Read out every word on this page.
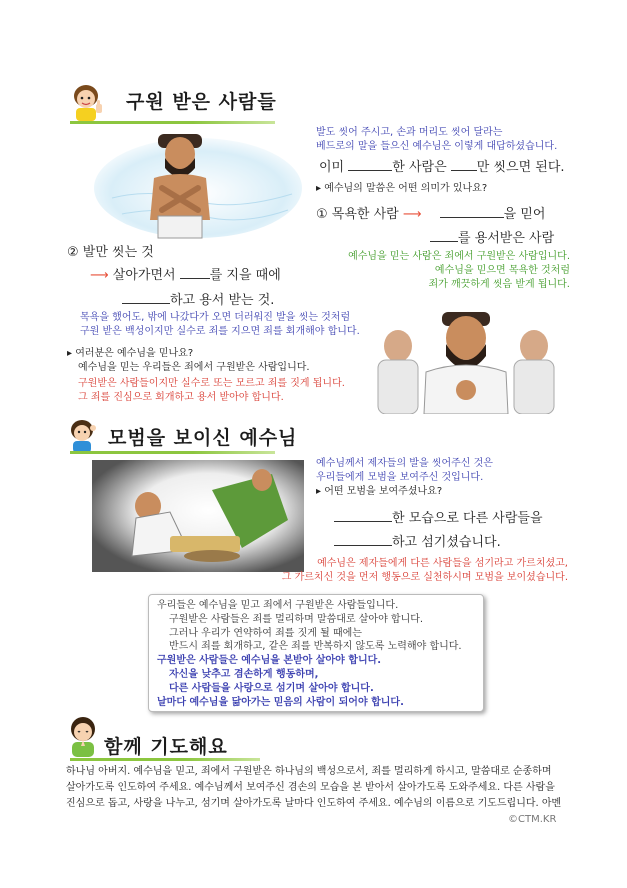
구원 받은 사람들
발도 씻어 주시고, 손과 머리도 씻어 달라는
베드로의 말을 들으신 예수님은 이렇게 대답하셨습니다.
이미	한 사람은 만 씻으면 된다.
▸ 예수님의 말씀은 어떤 의미가 있나요?
① 목욕한 사람 ⟶	을 믿어
를 용서받은 사람
예수님을 믿는 사람은 죄에서 구원받은 사람입니다.
예수님을 믿으면 목욕한 것처럼
죄가 깨끗하게 씻음 받게 됩니다.
② 발만 씻는 것
⟶ 살아가면서	를 지을 때에
하고 용서 받는 것.
목욕을 했어도, 밖에 나갔다가 오면 더러워진 발을 씻는 것처럼
구원 받은 백성이지만 실수로 죄를 지으면 죄를 회개해야 합니다.
▸ 여러분은 예수님을 믿나요?
예수님을 믿는 우리들은 죄에서 구원받은 사람입니다.
구원받은 사람들이지만 실수로 또는 모르고 죄를 짓게 됩니다.
그 죄를 진심으로 회개하고 용서 받아야 합니다.
모범을 보이신 예수님
예수님께서 제자들의 발을 씻어주신 것은
우리들에게 모범을 보여주신 것입니다.
▸ 어떤 모범을 보여주셨나요?
한 모습으로 다른 사람들을
하고 섬기셨습니다.
예수님은 제자들에게 다른 사람들을 섬기라고 가르치셨고,
그 가르치신 것을 먼저 행동으로 실천하시며 모범을 보이셨습니다.
우리들은 예수님을 믿고 죄에서 구원받은 사람들입니다.
구원받은 사람들은 죄를 멀리하며 말씀대로 살아야 합니다.
그러나 우리가 연약하여 죄를 짓게 될 때에는
반드시 죄를 회개하고, 같은 죄를 반복하지 않도록 노력해야 합니다.
구원받은 사람들은 예수님을 본받아 살아야 합니다.
자신을 낮추고 겸손하게 행동하며,
다른 사람들을 사랑으로 섬기며 살아야 합니다.
날마다 예수님을 닮아가는 믿음의 사람이 되어야 합니다.
함께 기도해요
하나님 아버지. 예수님을 믿고, 죄에서 구원받은 하나님의 백성으로서, 죄를 멀리하게 하시고, 말씀대로 순종하며
살아가도록 인도하여 주세요. 예수님께서 보여주신 겸손의 모습을 본 받아서 살아가도록 도와주세요. 다른 사람을
진심으로 돕고, 사랑을 나누고, 섬기며 살아가도록 날마다 인도하여 주세요. 예수님의 이름으로 기도드립니다. 아멘
©CTM.KR
